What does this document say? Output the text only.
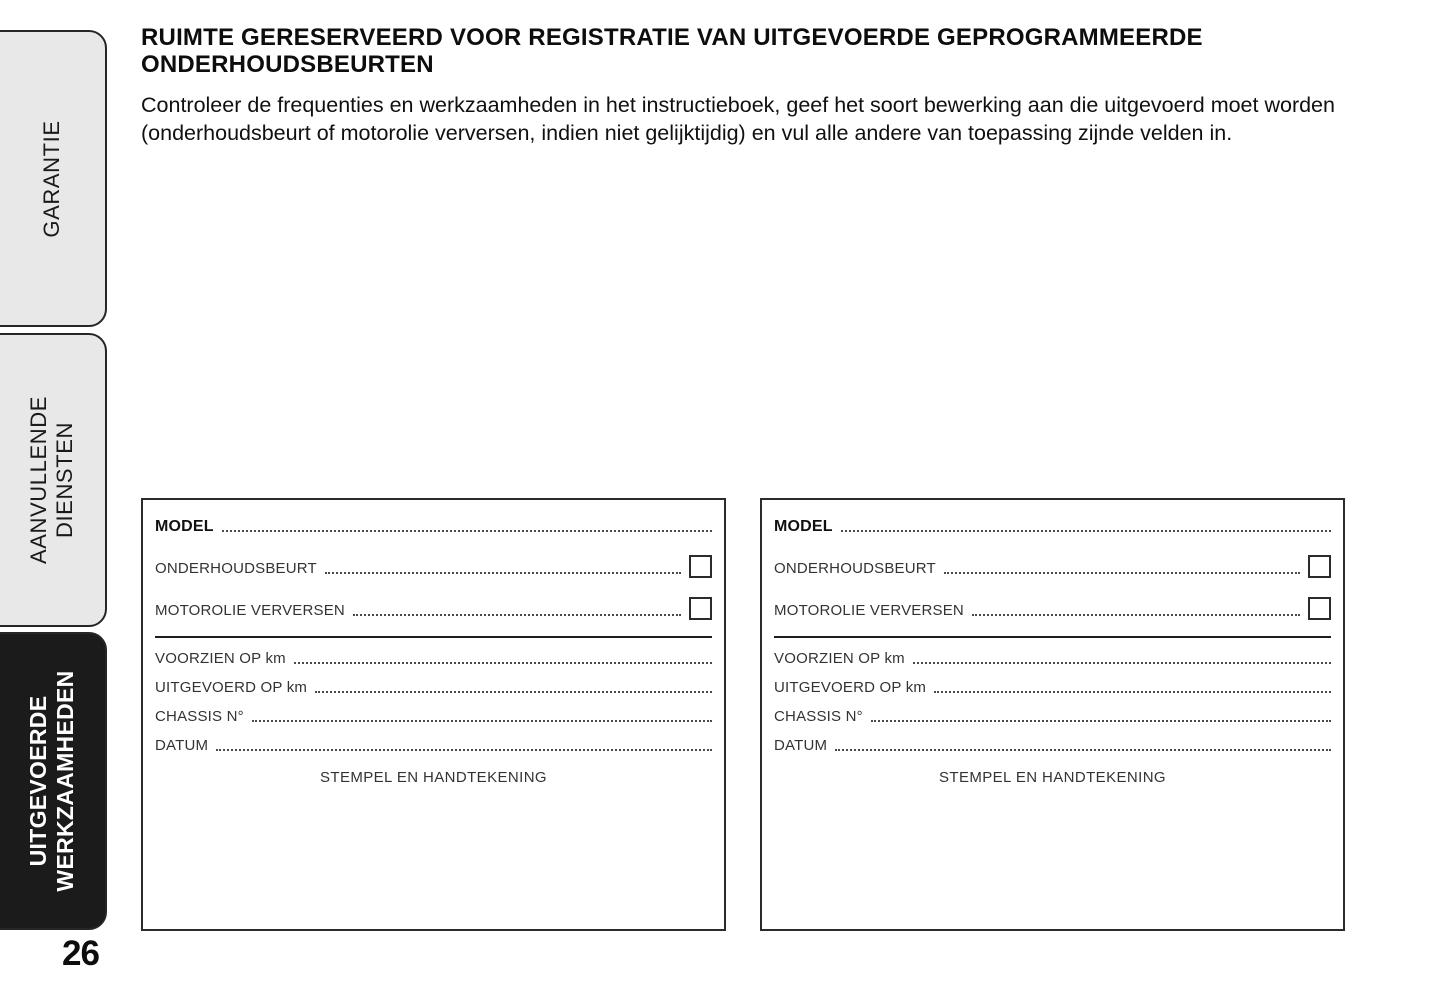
GARANTIE
AANVULLENDE DIENSTEN
UITGEVOERDE WERKZAAMHEDEN
26
RUIMTE GERESERVEERD VOOR REGISTRATIE VAN UITGEVOERDE GEPROGRAMMEERDE ONDERHOUDSBEURTEN

Controleer de frequenties en werkzaamheden in het instructieboek, geef het soort bewerking aan die uitgevoerd moet worden (onderhoudsbeurt of motorolie verversen, indien niet gelijktijdig) en vul alle andere van toepassing zijnde velden in.

MODEL
ONDERHOUDSBEURT
MOTOROLIE VERVERSEN
VOORZIEN OP km
UITGEVOERD OP km
CHASSIS N°
DATUM
STEMPEL EN HANDTEKENING
MODEL
ONDERHOUDSBEURT
MOTOROLIE VERVERSEN
VOORZIEN OP km
UITGEVOERD OP km
CHASSIS N°
DATUM
STEMPEL EN HANDTEKENING
